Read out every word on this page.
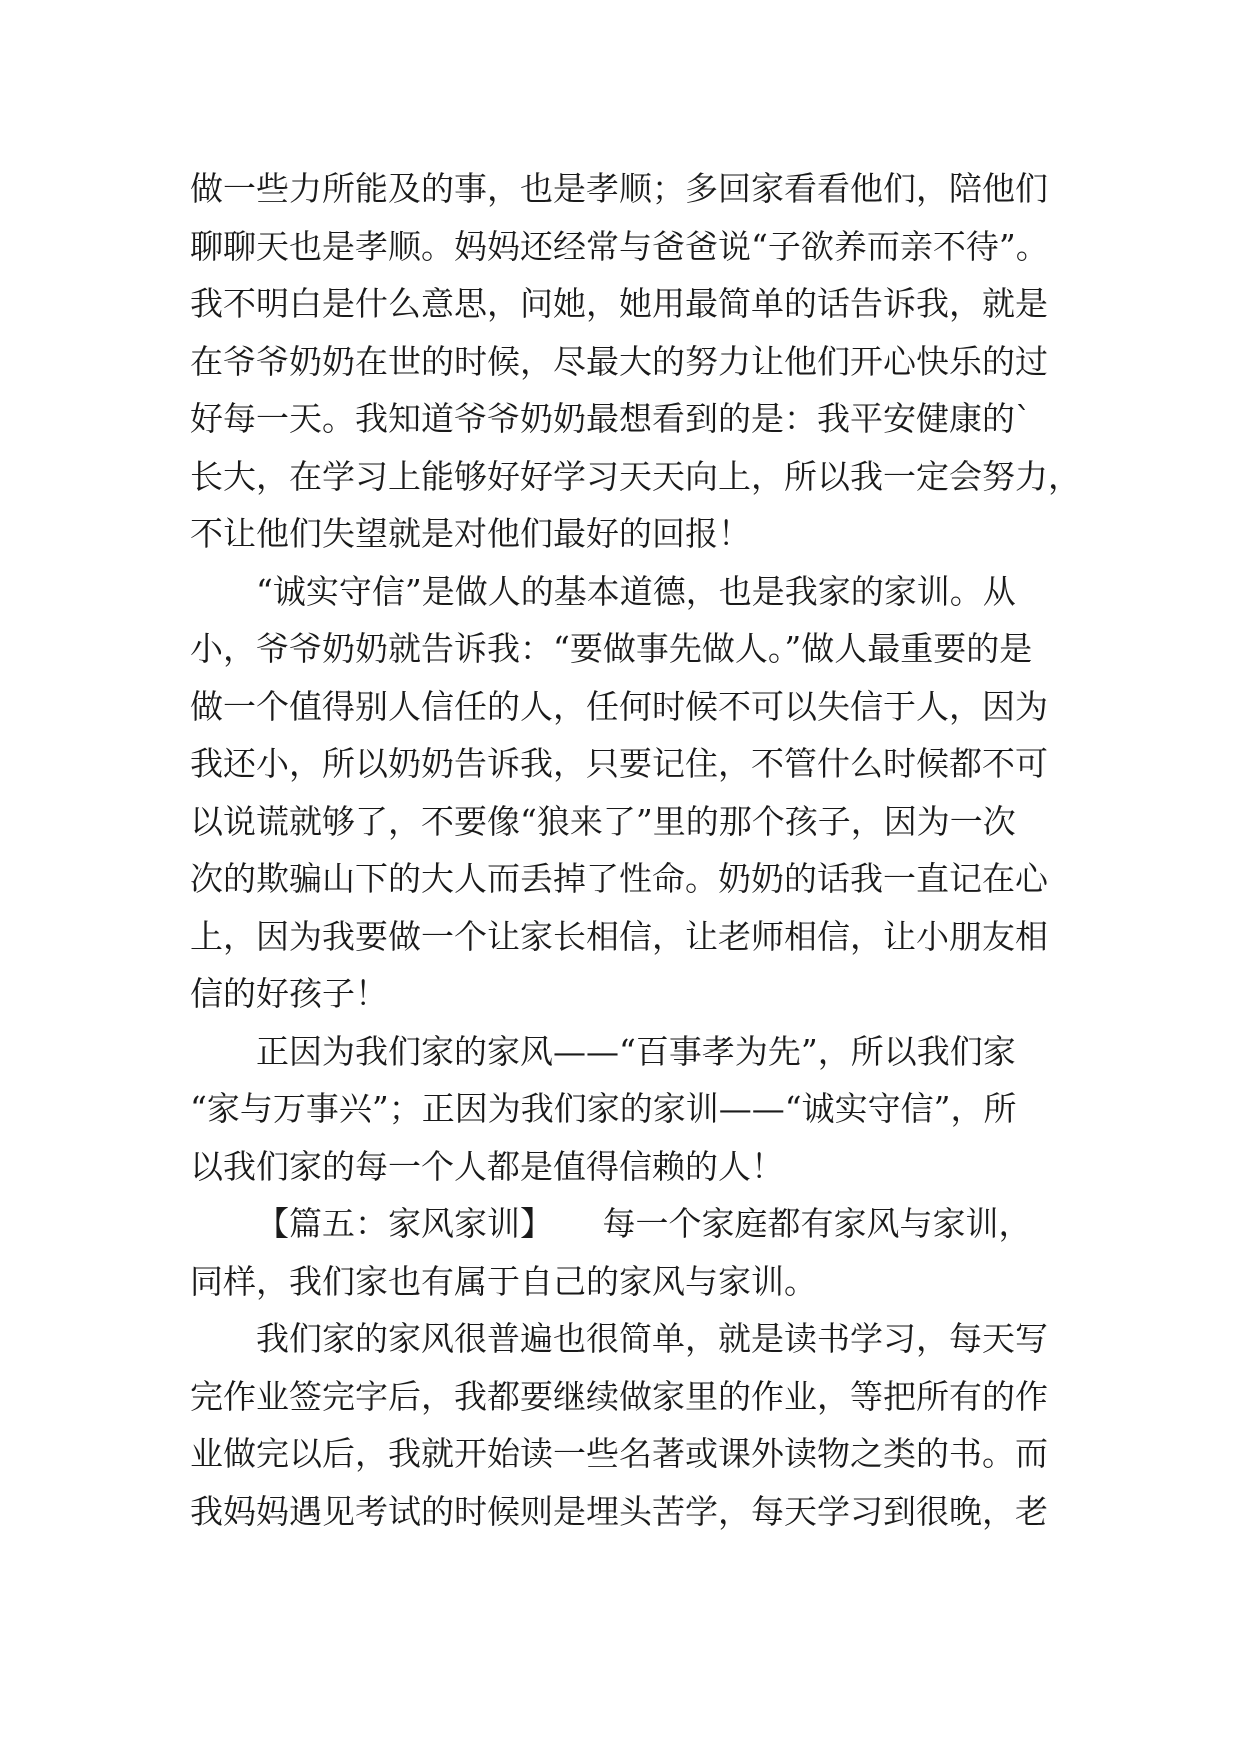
做一些力所能及的事，也是孝顺；多回家看看他们，陪他们
聊聊天也是孝顺。妈妈还经常与爸爸说“子欲养而亲不待”。
我不明白是什么意思，问她，她用最简单的话告诉我，就是
在爷爷奶奶在世的时候，尽最大的努力让他们开心快乐的过
好每一天。我知道爷爷奶奶最想看到的是：我平安健康的`
长大，在学习上能够好好学习天天向上，所以我一定会努力，
不让他们失望就是对他们最好的回报！
“诚实守信”是做人的基本道德，也是我家的家训。从
小，爷爷奶奶就告诉我：“要做事先做人。”做人最重要的是
做一个值得别人信任的人，任何时候不可以失信于人，因为
我还小，所以奶奶告诉我，只要记住，不管什么时候都不可
以说谎就够了，不要像“狼来了”里的那个孩子，因为一次
次的欺骗山下的大人而丢掉了性命。奶奶的话我一直记在心
上，因为我要做一个让家长相信，让老师相信，让小朋友相
信的好孩子！
正因为我们家的家风——“百事孝为先”，所以我们家
“家与万事兴”；正因为我们家的家训——“诚实守信”，所
以我们家的每一个人都是值得信赖的人！
【篇五：家风家训】　　每一个家庭都有家风与家训，
同样，我们家也有属于自己的家风与家训。
我们家的家风很普遍也很简单，就是读书学习，每天写
完作业签完字后，我都要继续做家里的作业，等把所有的作
业做完以后，我就开始读一些名著或课外读物之类的书。而
我妈妈遇见考试的时候则是埋头苦学，每天学习到很晚，老
